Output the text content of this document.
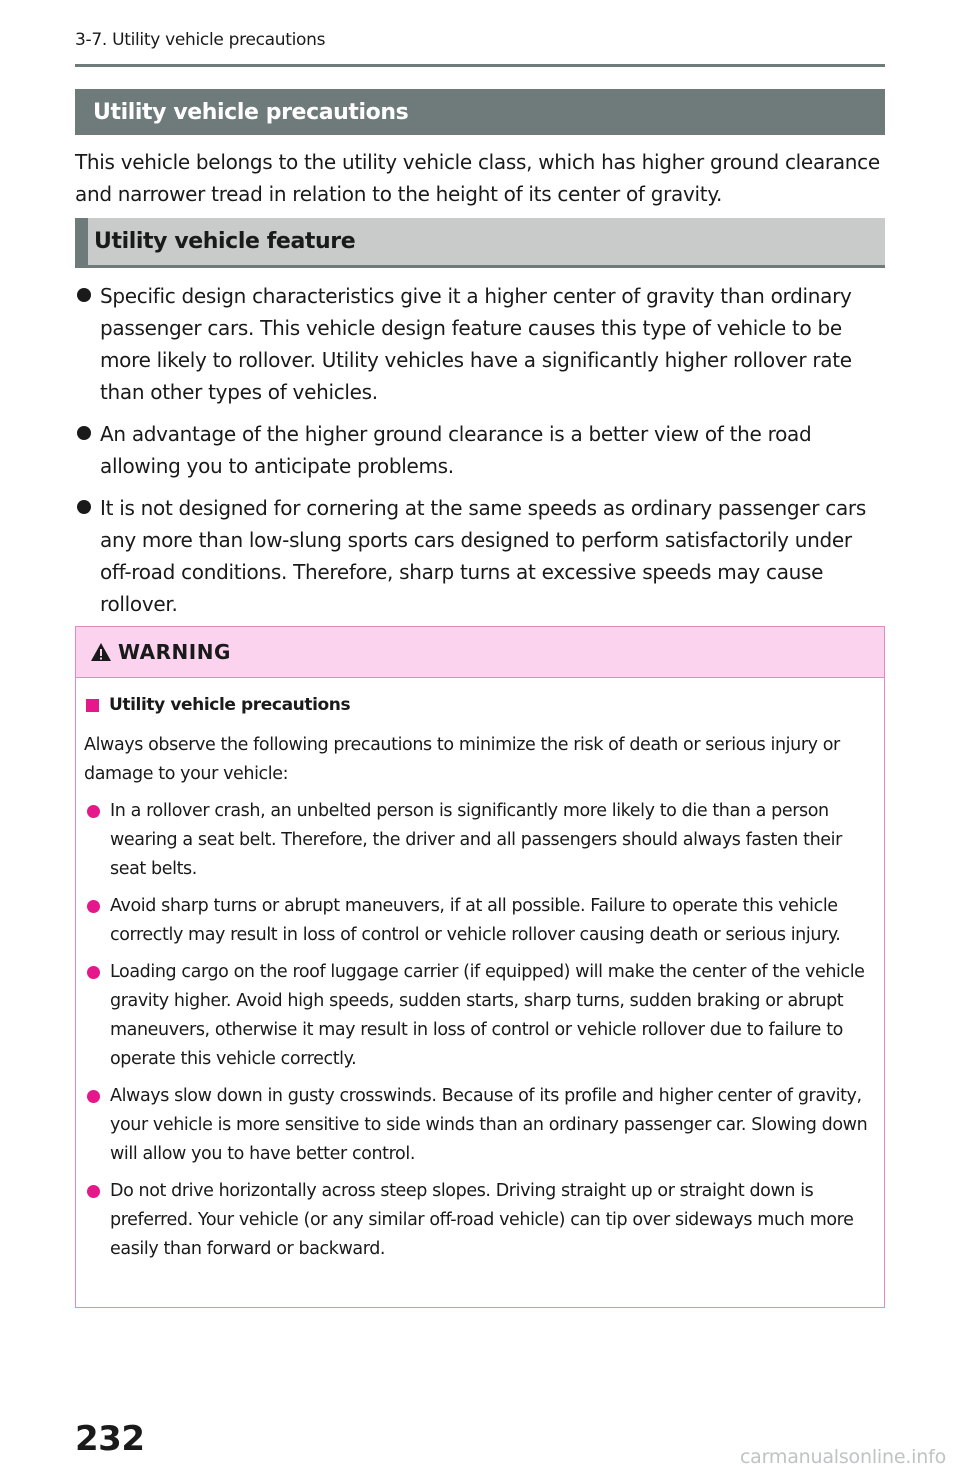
3-7. Utility vehicle precautions
Utility vehicle precautions
This vehicle belongs to the utility vehicle class, which has higher ground clearance and narrower tread in relation to the height of its center of gravity.
Utility vehicle feature
Specific design characteristics give it a higher center of gravity than ordinary passenger cars. This vehicle design feature causes this type of vehicle to be more likely to rollover. Utility vehicles have a significantly higher rollover rate than other types of vehicles.
An advantage of the higher ground clearance is a better view of the road allowing you to anticipate problems.
It is not designed for cornering at the same speeds as ordinary passenger cars any more than low-slung sports cars designed to perform satisfactorily under off-road conditions. Therefore, sharp turns at excessive speeds may cause rollover.
WARNING
Utility vehicle precautions
Always observe the following precautions to minimize the risk of death or serious injury or damage to your vehicle:
In a rollover crash, an unbelted person is significantly more likely to die than a person wearing a seat belt. Therefore, the driver and all passengers should always fasten their seat belts.
Avoid sharp turns or abrupt maneuvers, if at all possible. Failure to operate this vehicle correctly may result in loss of control or vehicle rollover causing death or serious injury.
Loading cargo on the roof luggage carrier (if equipped) will make the center of the vehicle gravity higher. Avoid high speeds, sudden starts, sharp turns, sudden braking or abrupt maneuvers, otherwise it may result in loss of control or vehicle rollover due to failure to operate this vehicle correctly.
Always slow down in gusty crosswinds. Because of its profile and higher center of gravity, your vehicle is more sensitive to side winds than an ordinary passenger car. Slowing down will allow you to have better control.
Do not drive horizontally across steep slopes. Driving straight up or straight down is preferred. Your vehicle (or any similar off-road vehicle) can tip over sideways much more easily than forward or backward.
232	carmanualsonline.info
